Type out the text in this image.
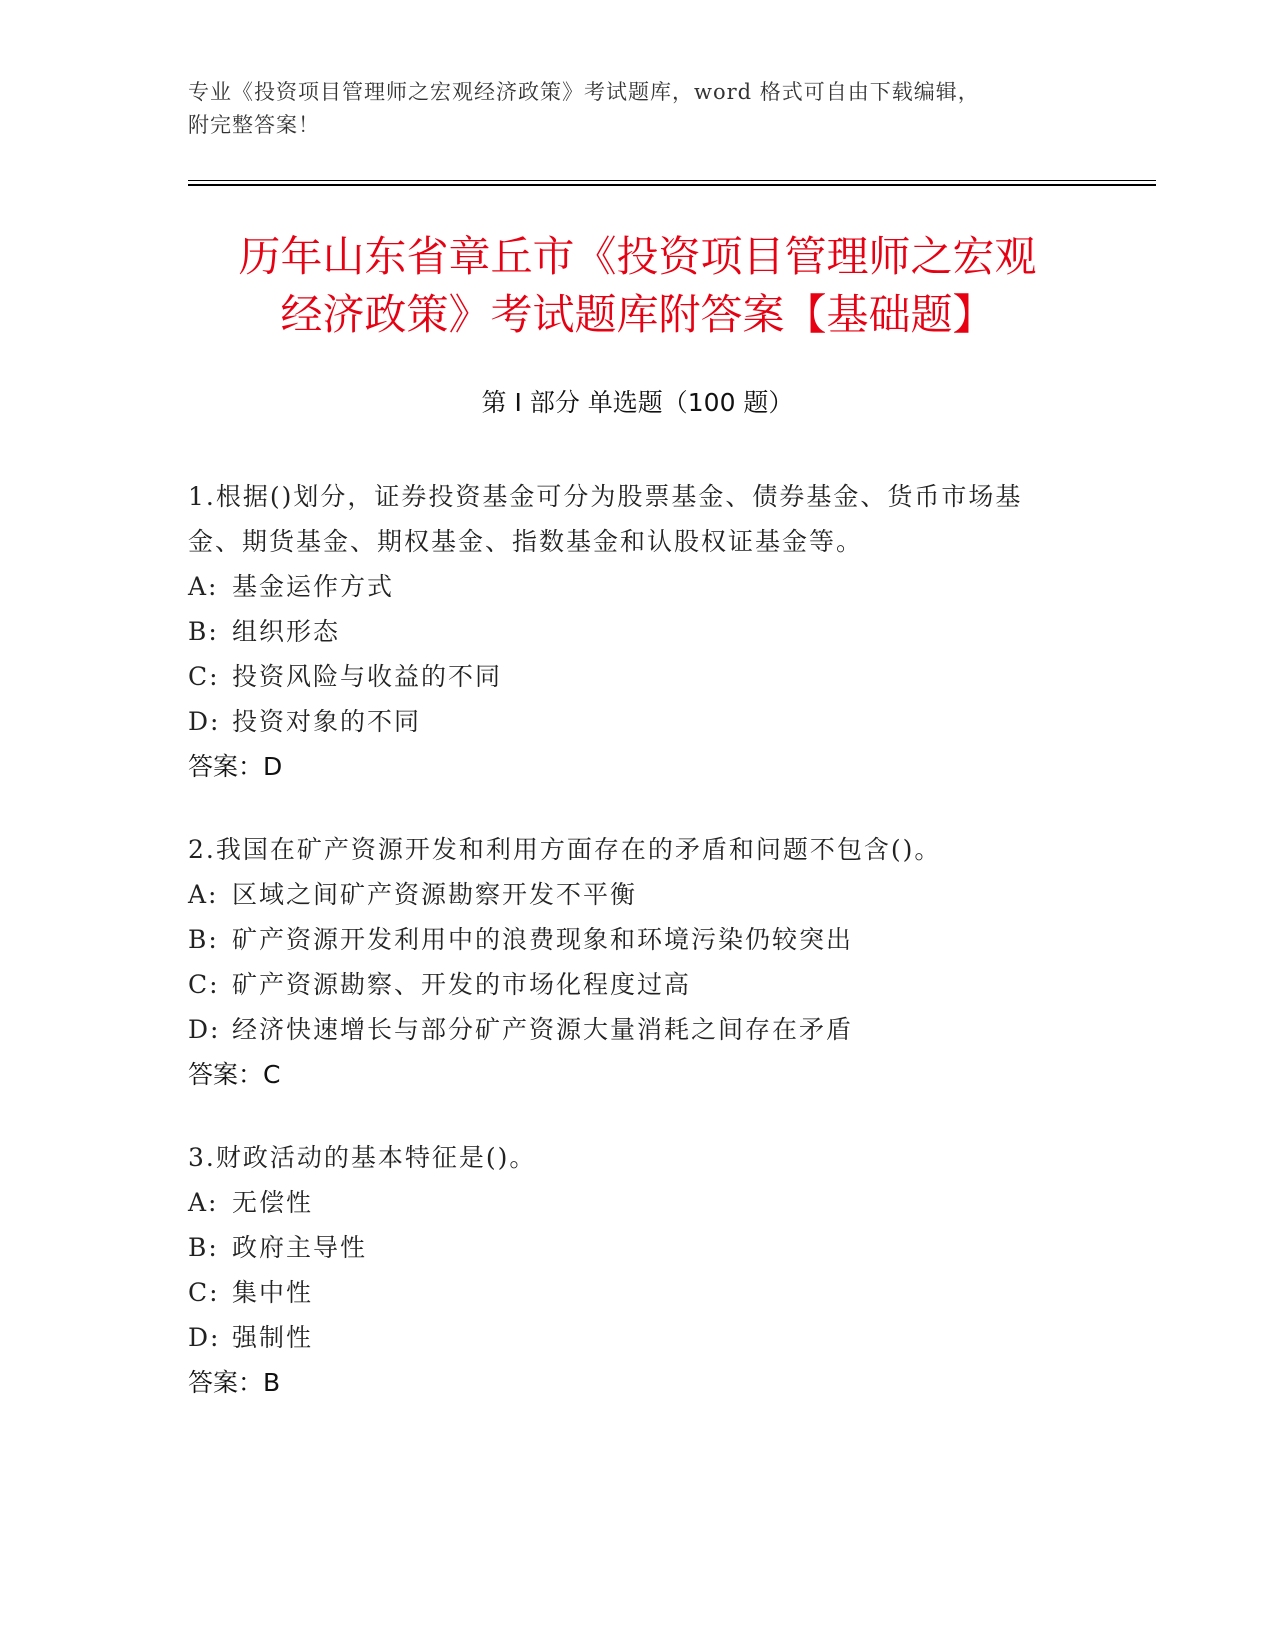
专业《投资项目管理师之宏观经济政策》考试题库，word 格式可自由下载编辑，
附完整答案！
历年山东省章丘市《投资项目管理师之宏观
经济政策》考试题库附答案【基础题】
第 I 部分 单选题（100 题）

1.根据()划分，证券投资基金可分为股票基金、债券基金、货币市场基金、期货基金、期权基金、指数基金和认股权证基金等。

A: 基金运作方式

B: 组织形态

C: 投资风险与收益的不同

D: 投资对象的不同

答案：D

2.我国在矿产资源开发和利用方面存在的矛盾和问题不包含()。

A: 区域之间矿产资源勘察开发不平衡

B: 矿产资源开发利用中的浪费现象和环境污染仍较突出

C: 矿产资源勘察、开发的市场化程度过高

D: 经济快速增长与部分矿产资源大量消耗之间存在矛盾

答案：C

3.财政活动的基本特征是()。

A: 无偿性

B: 政府主导性

C: 集中性

D: 强制性

答案：B
